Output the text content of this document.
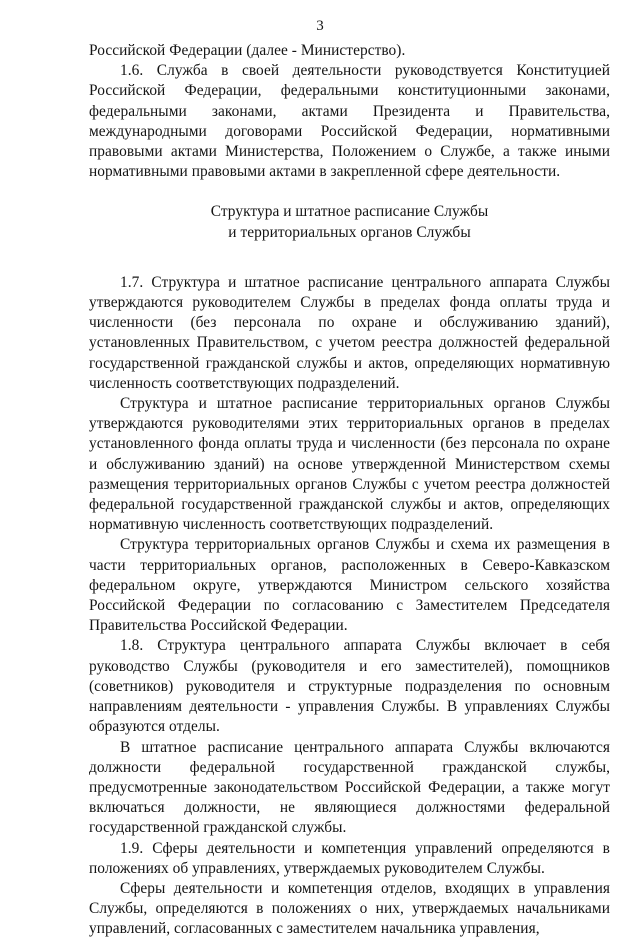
3

Российской Федерации (далее - Министерство).

1.6. Служба в своей деятельности руководствуется Конституцией Российской Федерации, федеральными конституционными законами, федеральными законами, актами Президента и Правительства, международными договорами Российской Федерации, нормативными правовыми актами Министерства, Положением о Службе, а также иными нормативными правовыми актами в закрепленной сфере деятельности.

Структура и штатное расписание Службы
и территориальных органов Службы

1.7. Структура и штатное расписание центрального аппарата Службы утверждаются руководителем Службы в пределах фонда оплаты труда и численности (без персонала по охране и обслуживанию зданий), установленных Правительством, с учетом реестра должностей федеральной государственной гражданской службы и актов, определяющих нормативную численность соответствующих подразделений.

Структура и штатное расписание территориальных органов Службы утверждаются руководителями этих территориальных органов в пределах установленного фонда оплаты труда и численности (без персонала по охране и обслуживанию зданий) на основе утвержденной Министерством схемы размещения территориальных органов Службы с учетом реестра должностей федеральной государственной гражданской службы и актов, определяющих нормативную численность соответствующих подразделений.

Структура территориальных органов Службы и схема их размещения в части территориальных органов, расположенных в Северо-Кавказском федеральном округе, утверждаются Министром сельского хозяйства Российской Федерации по согласованию с Заместителем Председателя Правительства Российской Федерации.

1.8. Структура центрального аппарата Службы включает в себя руководство Службы (руководителя и его заместителей), помощников (советников) руководителя и структурные подразделения по основным направлениям деятельности - управления Службы. В управлениях Службы образуются отделы.

В штатное расписание центрального аппарата Службы включаются должности федеральной государственной гражданской службы, предусмотренные законодательством Российской Федерации, а также могут включаться должности, не являющиеся должностями федеральной государственной гражданской службы.

1.9. Сферы деятельности и компетенция управлений определяются в положениях об управлениях, утверждаемых руководителем Службы.

Сферы деятельности и компетенция отделов, входящих в управления Службы, определяются в положениях о них, утверждаемых начальниками управлений, согласованных с заместителем начальника управления,
